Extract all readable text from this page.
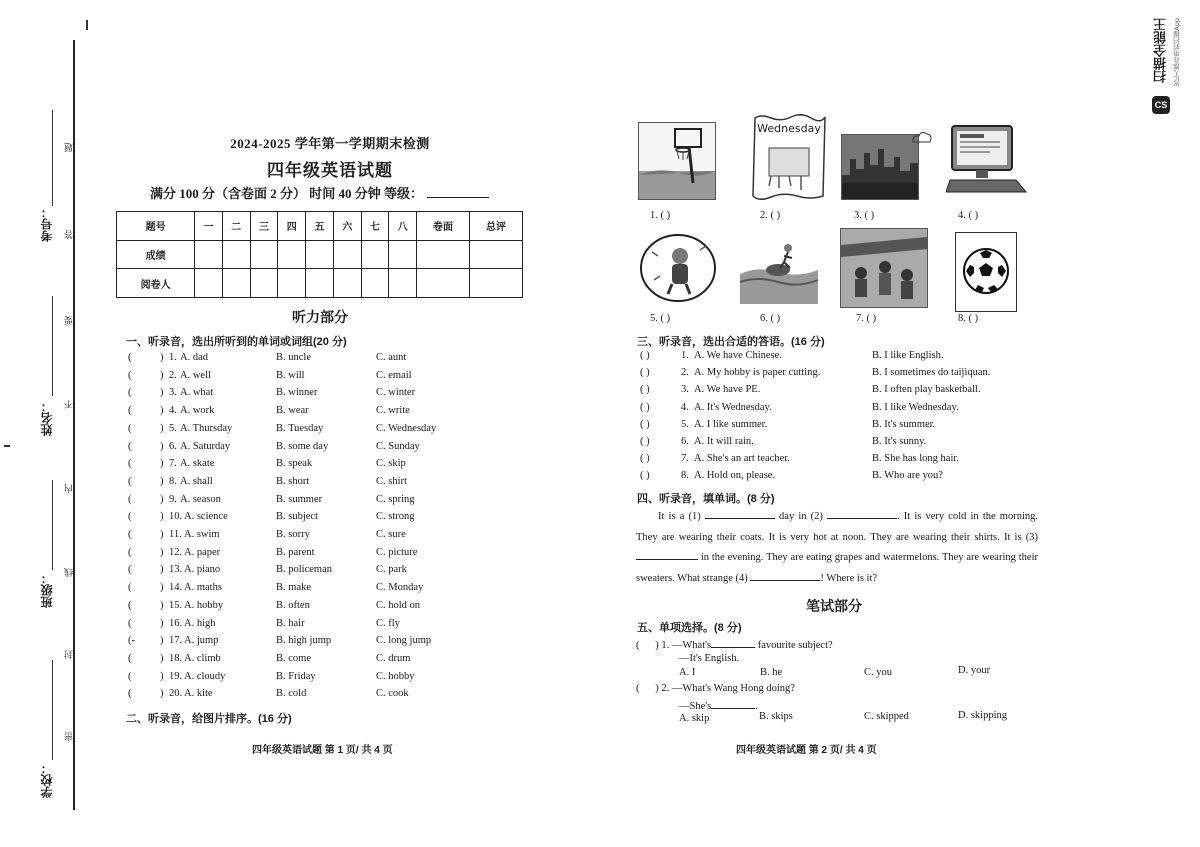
考号：
姓名：
班级：
学校：
题
答
要
不
内
线
封
密
2024-2025 学年第一学期期末检测
四年级英语试题
满分 100 分（含卷面 2 分） 时间 40 分钟 等级：
题号	一	二	三	四	五	六	七	八	卷面	总评
成绩										
阅卷人										
听力部分
一、听录音，选出所听到的单词或词组(20 分)
(	1. A. dad	B. uncle	C. aunt
)
(	2. A. well	B. will	C. email
)
(	3. A. what	B. winner	C. winter
)
(	4. A. work	B. wear	C. write
)
(	5. A. Thursday	B. Tuesday	C. Wednesday
)
(	6. A. Saturday	B. some day	C. Sunday
)
(	7. A. skate	B. speak	C. skip
)
(	8. A. shall	B. short	C. shirt
)
(	9. A. season	B. summer	C. spring
)
(	10. A. science	B. subject	C. strong
)
(	11. A. swim	B. sorry	C. sure
)
(	12. A. paper	B. parent	C. picture
)
(	13. A. piano	B. policeman	C. park
)
(	14. A. maths	B. make	C. Monday
)
(	15. A. hobby	B. often	C. hold on
)
(	16. A. high	B. hair	C. fly
)
(-	17. A. jump	B. high jump	C. long jump
)
(	18. A. climb	B. come	C. drum
)
(	19. A. cloudy	B. Friday	C. hobby
)
(	20. A. kite	B. cold	C. cook
)
二、听录音，给图片排序。(16 分)
四年级英语试题 第 1 页/ 共 4 页
Wednesday
1. ( )	2. ( )	3. ( )	4. ( )
5. ( )	6. ( )	7. ( )	8. ( )
三、听录音，选出合适的答语。(16 分)
( )	1. A. We have Chinese.	B. I like English.
( )	2. A. My hobby is paper cutting.	B. I sometimes do taijiquan.
( )	3. A. We have PE.	B. I often play basketball.
( )	4. A. It's Wednesday.	B. I like Wednesday.
( )	5. A. I like summer.	B. It's summer.
( )	6. A. It will rain.	B. It's sunny.
( )	7. A. She's an art teacher.	B. She has long hair.
( )	8. A. Hold on, please.	B. Who are you?
四、听录音，填单词。(8 分)
It is a (1)	day in (2)	. It is very cold in the morning. They are wearing their coats. It is very hot at noon. They are wearing their shirts. It is (3)  in the evening. They are eating grapes and watermelons. They are wearing their sweaters. What strange (4)	! Where is it?
笔试部分
五、单项选择。(8 分)
(      ) 1. —What's	favourite subject?
—It's English.
A. I	B. he	C. you	D. your
(      ) 2. —What's Wang Hong doing?
—She's	.
A. skip	B. skips	C. skipped	D. skipping
四年级英语试题 第 2 页/ 共 4 页
CS
扫描全能王 3亿人都在用的扫描App
